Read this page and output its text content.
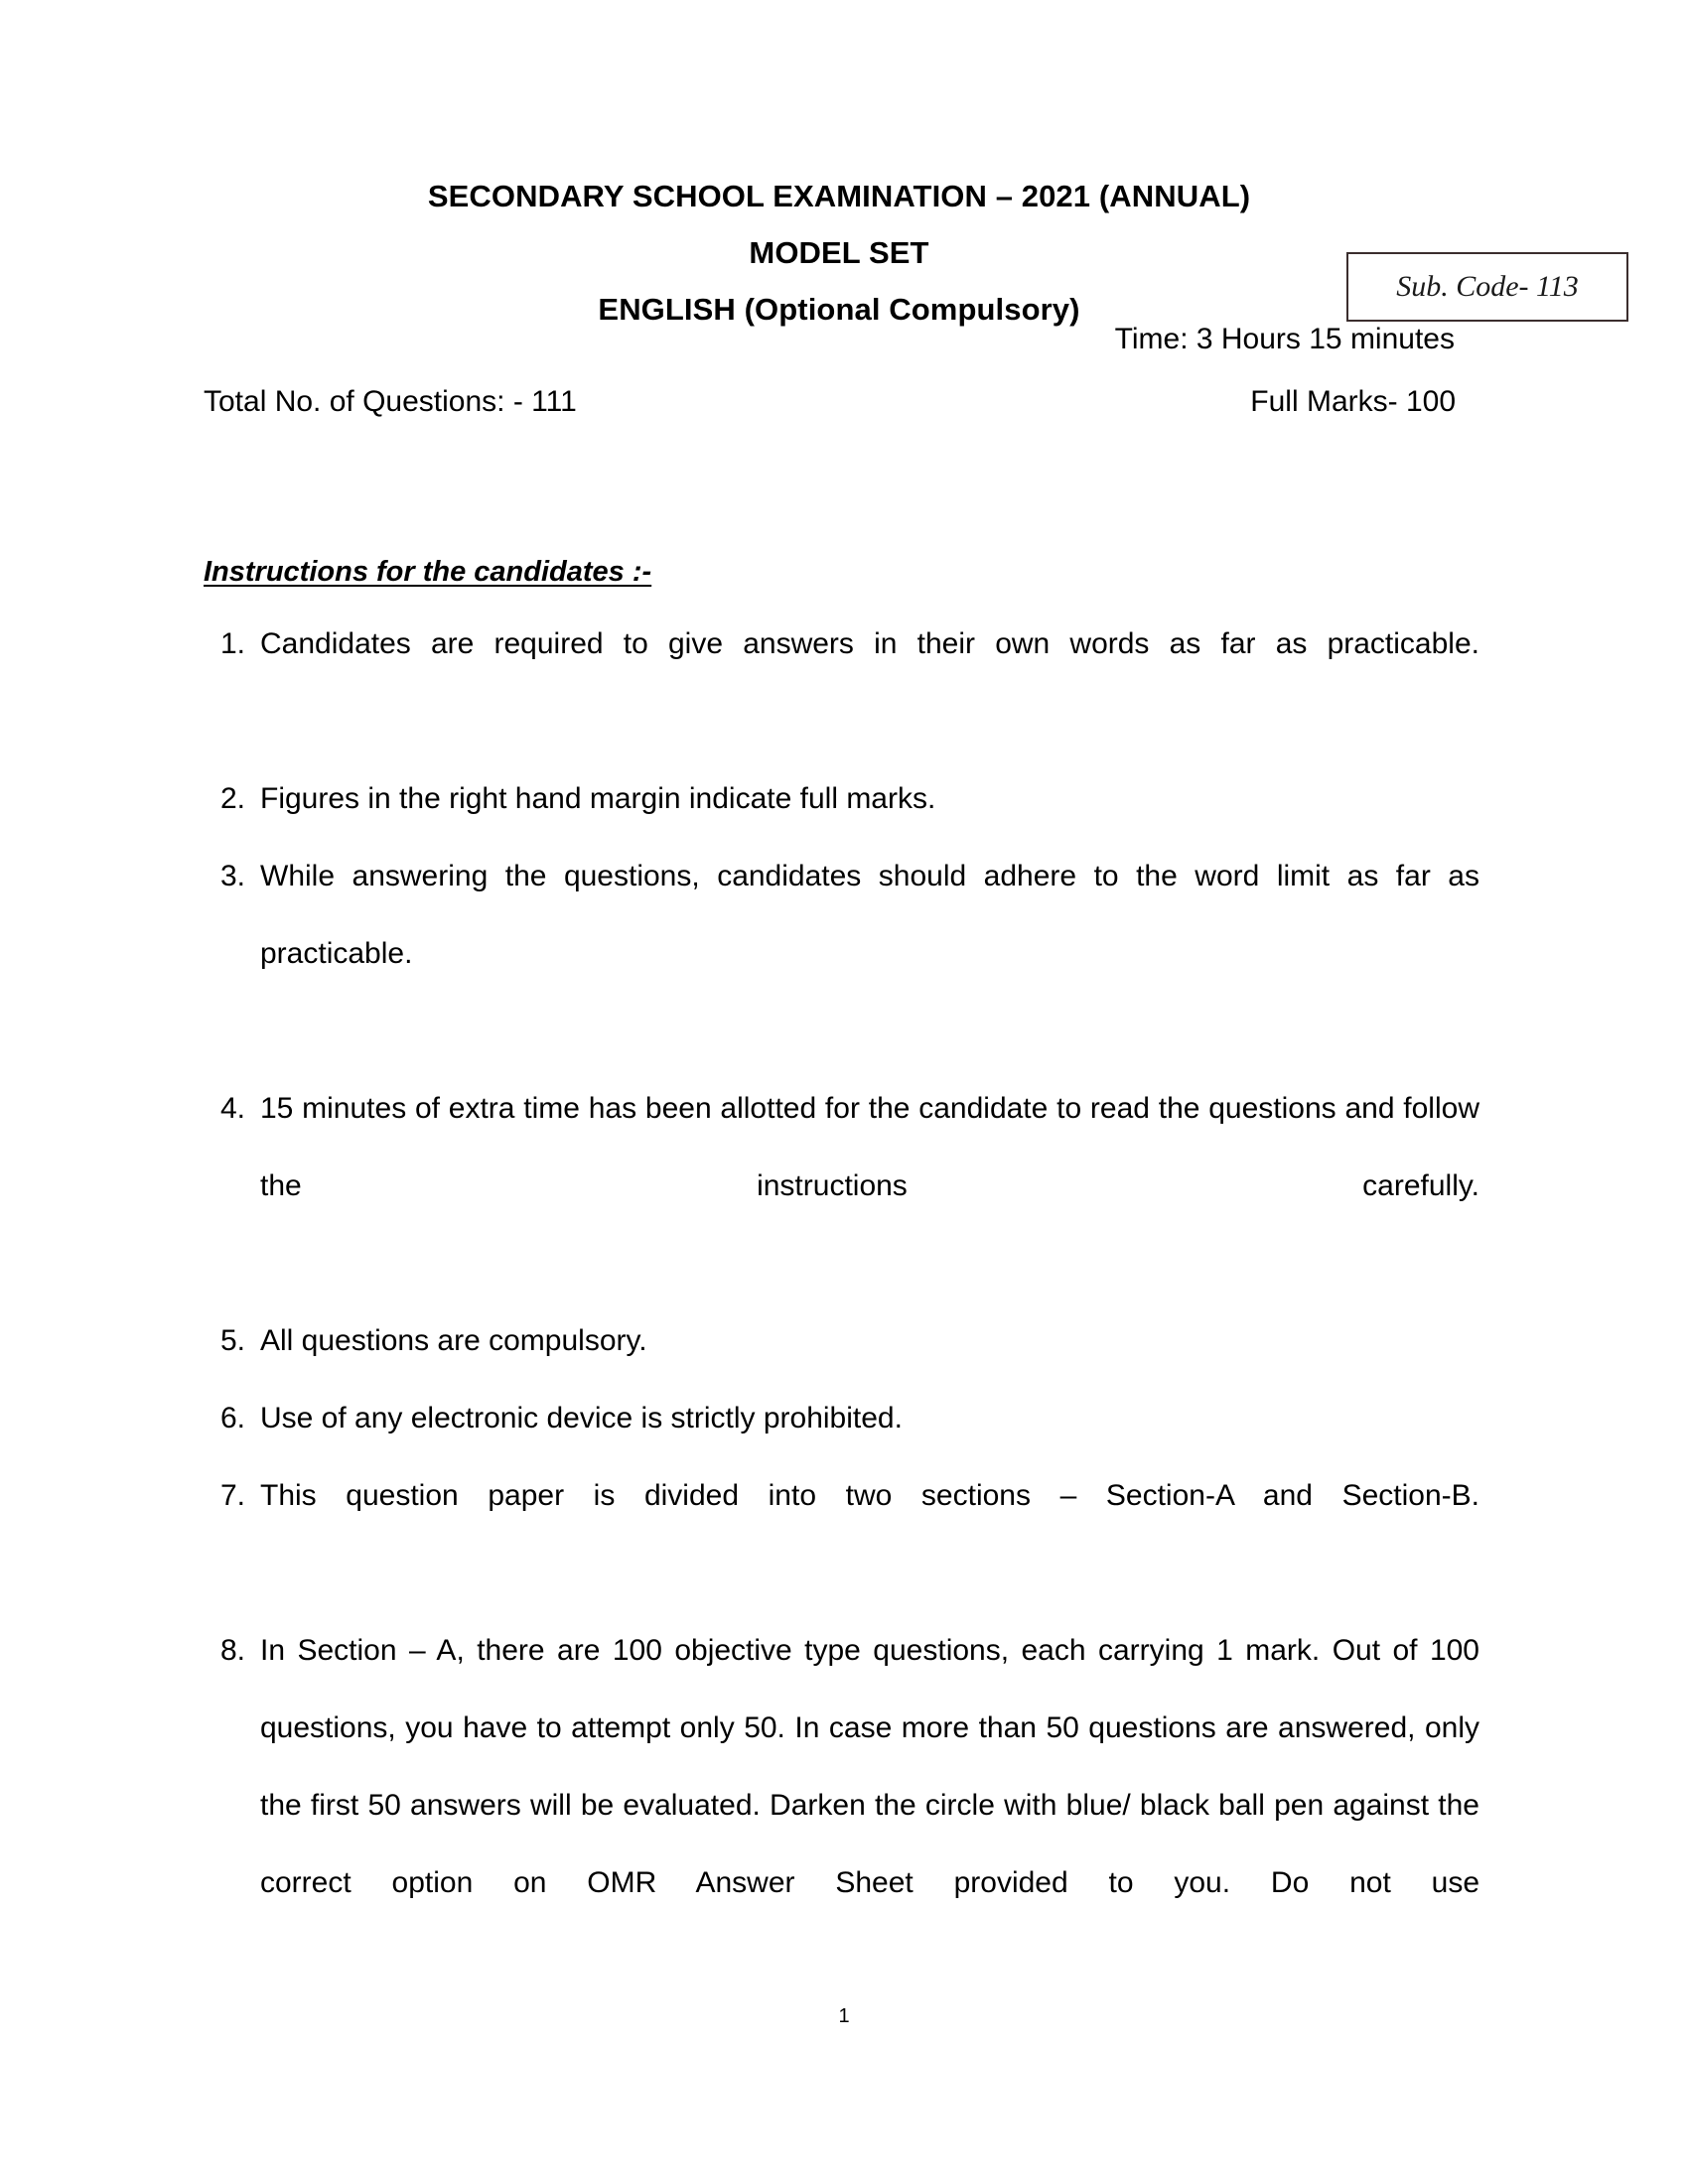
SECONDARY SCHOOL EXAMINATION – 2021 (ANNUAL)
MODEL SET
ENGLISH (Optional Compulsory)
Sub. Code- 113
Time: 3 Hours 15 minutes
Total No. of Questions: - 111	Full Marks- 100
Instructions for the candidates :-
1. Candidates are required to give answers in their own words as far as practicable.
2. Figures in the right hand margin indicate full marks.
3. While answering the questions, candidates should adhere to the word limit as far as practicable.
4. 15 minutes of extra time has been allotted for the candidate to read the questions and follow the instructions carefully.
5. All questions are compulsory.
6. Use of any electronic device is strictly prohibited.
7. This question paper is divided into two sections – Section-A and Section-B.
8. In Section – A, there are 100 objective type questions, each carrying 1 mark. Out of 100 questions, you have to attempt only 50. In case more than 50 questions are answered, only the first 50 answers will be evaluated. Darken the circle with blue/ black ball pen against the correct option on OMR Answer Sheet provided to you. Do not use
1
